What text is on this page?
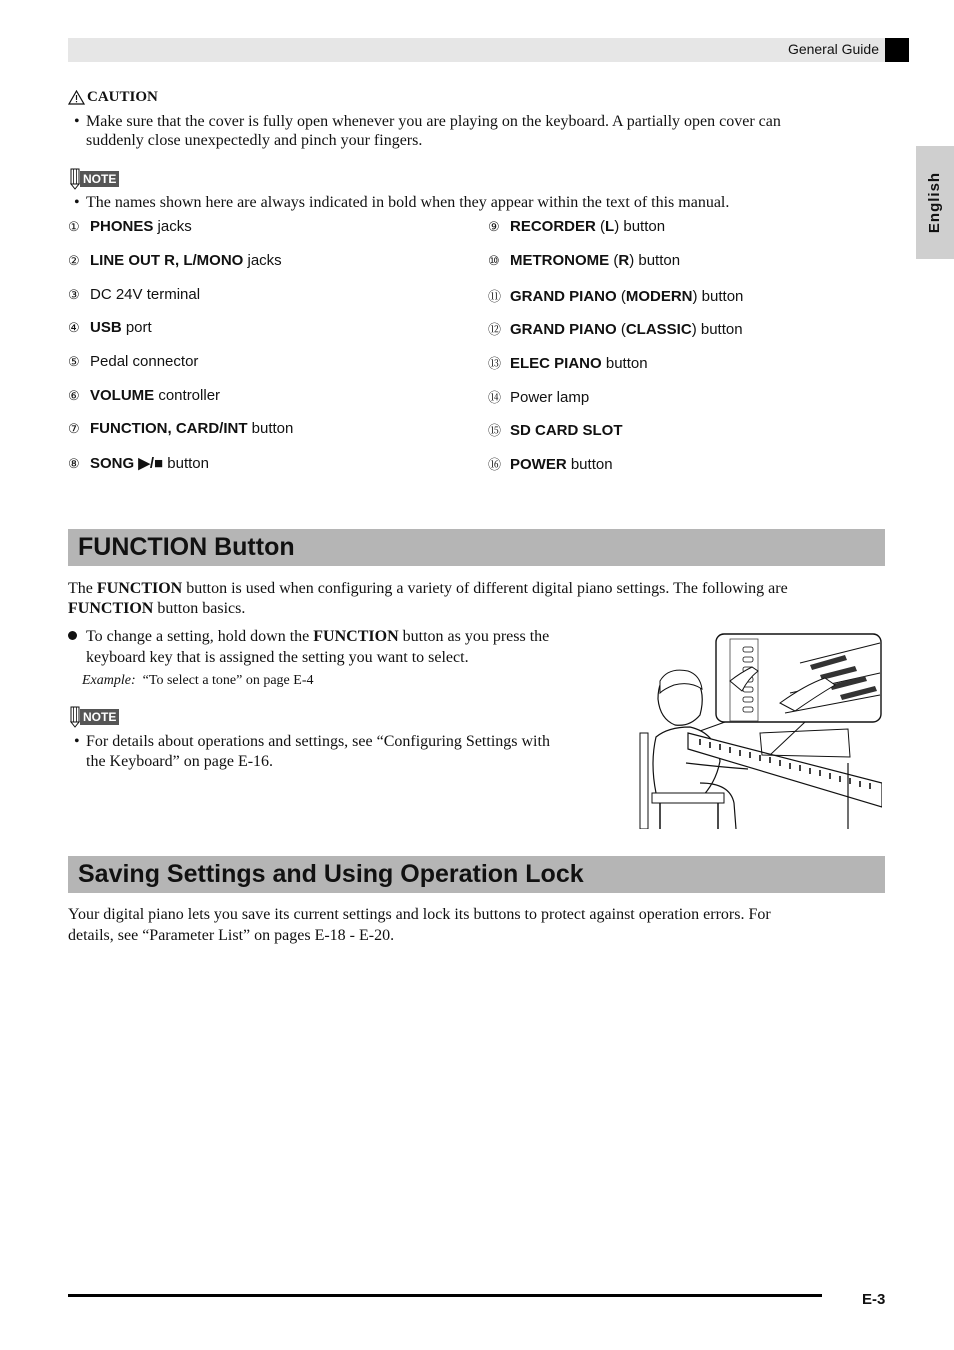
General Guide
English
CAUTION
• Make sure that the cover is fully open whenever you are playing on the keyboard. A partially open cover can
suddenly close unexpectedly and pinch your fingers.
NOTE
• The names shown here are always indicated in bold when they appear within the text of this manual.
① PHONES jacks
② LINE OUT R, L/MONO jacks
③ DC 24V terminal
④ USB port
⑤ Pedal connector
⑥ VOLUME controller
⑦ FUNCTION, CARD/INT button
⑧ SONG ▶/■ button
⑨ RECORDER (L) button
⑩ METRONOME (R) button
⑪ GRAND PIANO (MODERN) button
⑫ GRAND PIANO (CLASSIC) button
⑬ ELEC PIANO button
⑭ Power lamp
⑮ SD CARD SLOT
⑯ POWER button
FUNCTION Button
The FUNCTION button is used when configuring a variety of different digital piano settings. The following are
FUNCTION button basics.
To change a setting, hold down the FUNCTION button as you press the
keyboard key that is assigned the setting you want to select.
Example: “To select a tone” on page E-4
NOTE
• For details about operations and settings, see “Configuring Settings with
the Keyboard” on page E-16.
Saving Settings and Using Operation Lock
Your digital piano lets you save its current settings and lock its buttons to protect against operation errors. For
details, see “Parameter List” on pages E-18 - E-20.
E-3
